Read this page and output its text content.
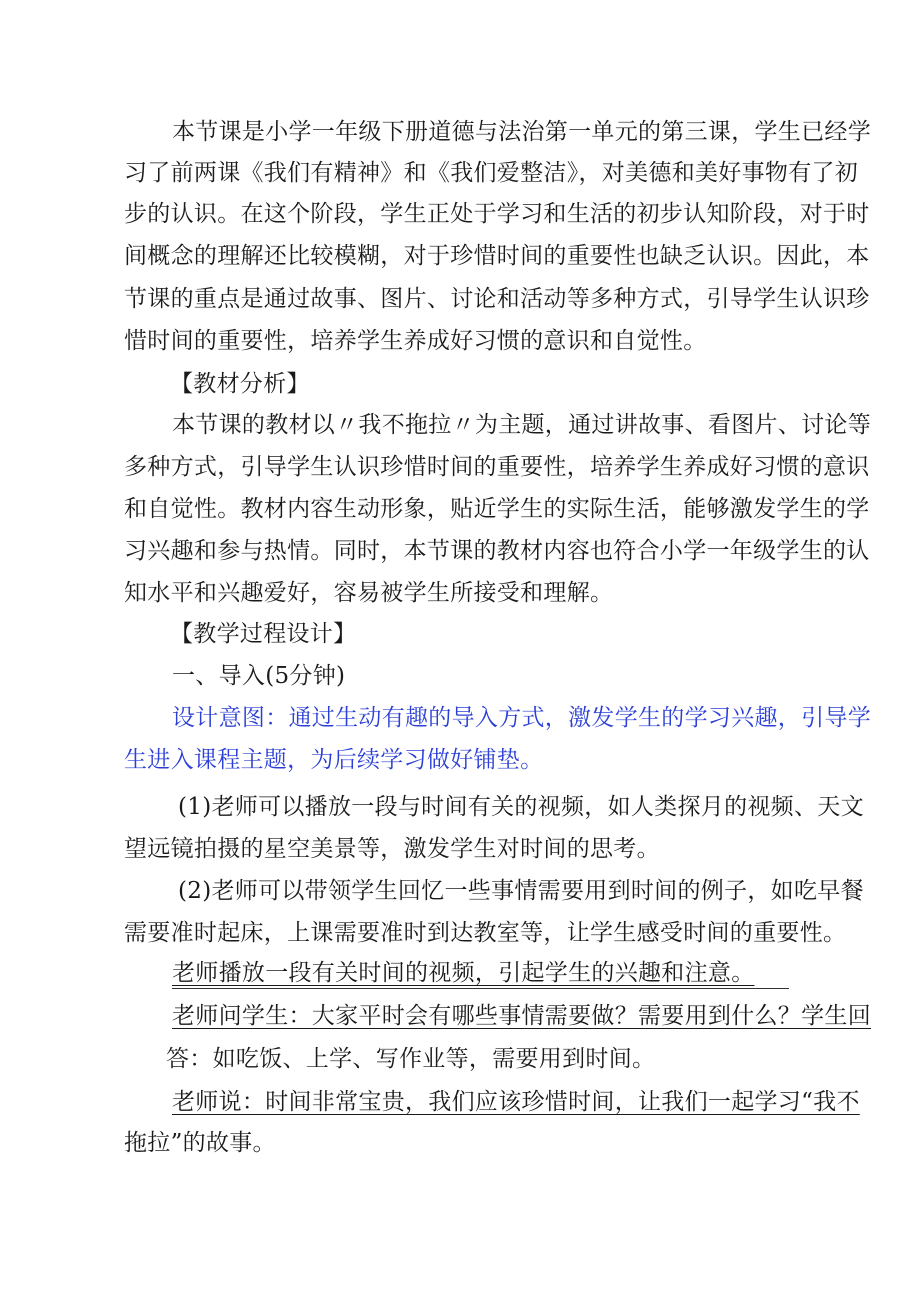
本节课是小学一年级下册道德与法治第一单元的第三课，学生已经学
习了前两课《我们有精神》和《我们爱整洁》，对美德和美好事物有了初
步的认识。在这个阶段，学生正处于学习和生活的初步认知阶段，对于时
间概念的理解还比较模糊，对于珍惜时间的重要性也缺乏认识。因此，本
节课的重点是通过故事、图片、讨论和活动等多种方式，引导学生认识珍
惜时间的重要性，培养学生养成好习惯的意识和自觉性。
【教材分析】
本节课的教材以〃我不拖拉〃为主题，通过讲故事、看图片、讨论等
多种方式，引导学生认识珍惜时间的重要性，培养学生养成好习惯的意识
和自觉性。教材内容生动形象，贴近学生的实际生活，能够激发学生的学
习兴趣和参与热情。同时，本节课的教材内容也符合小学一年级学生的认
知水平和兴趣爱好，容易被学生所接受和理解。
【教学过程设计】
一、导入(5分钟)
设计意图：通过生动有趣的导入方式，激发学生的学习兴趣，引导学
生进入课程主题，为后续学习做好铺垫。
(1)老师可以播放一段与时间有关的视频，如人类探月的视频、天文
望远镜拍摄的星空美景等，激发学生对时间的思考。
(2)老师可以带领学生回忆一些事情需要用到时间的例子，如吃早餐
需要准时起床，上课需要准时到达教室等，让学生感受时间的重要性。
老师播放一段有关时间的视频，引起学生的兴趣和注意。
老师问学生：大家平时会有哪些事情需要做？需要用到什么？学生回
答：如吃饭、上学、写作业等，需要用到时间。
老师说：时间非常宝贵，我们应该珍惜时间，让我们一起学习“我不
拖拉”的故事。
